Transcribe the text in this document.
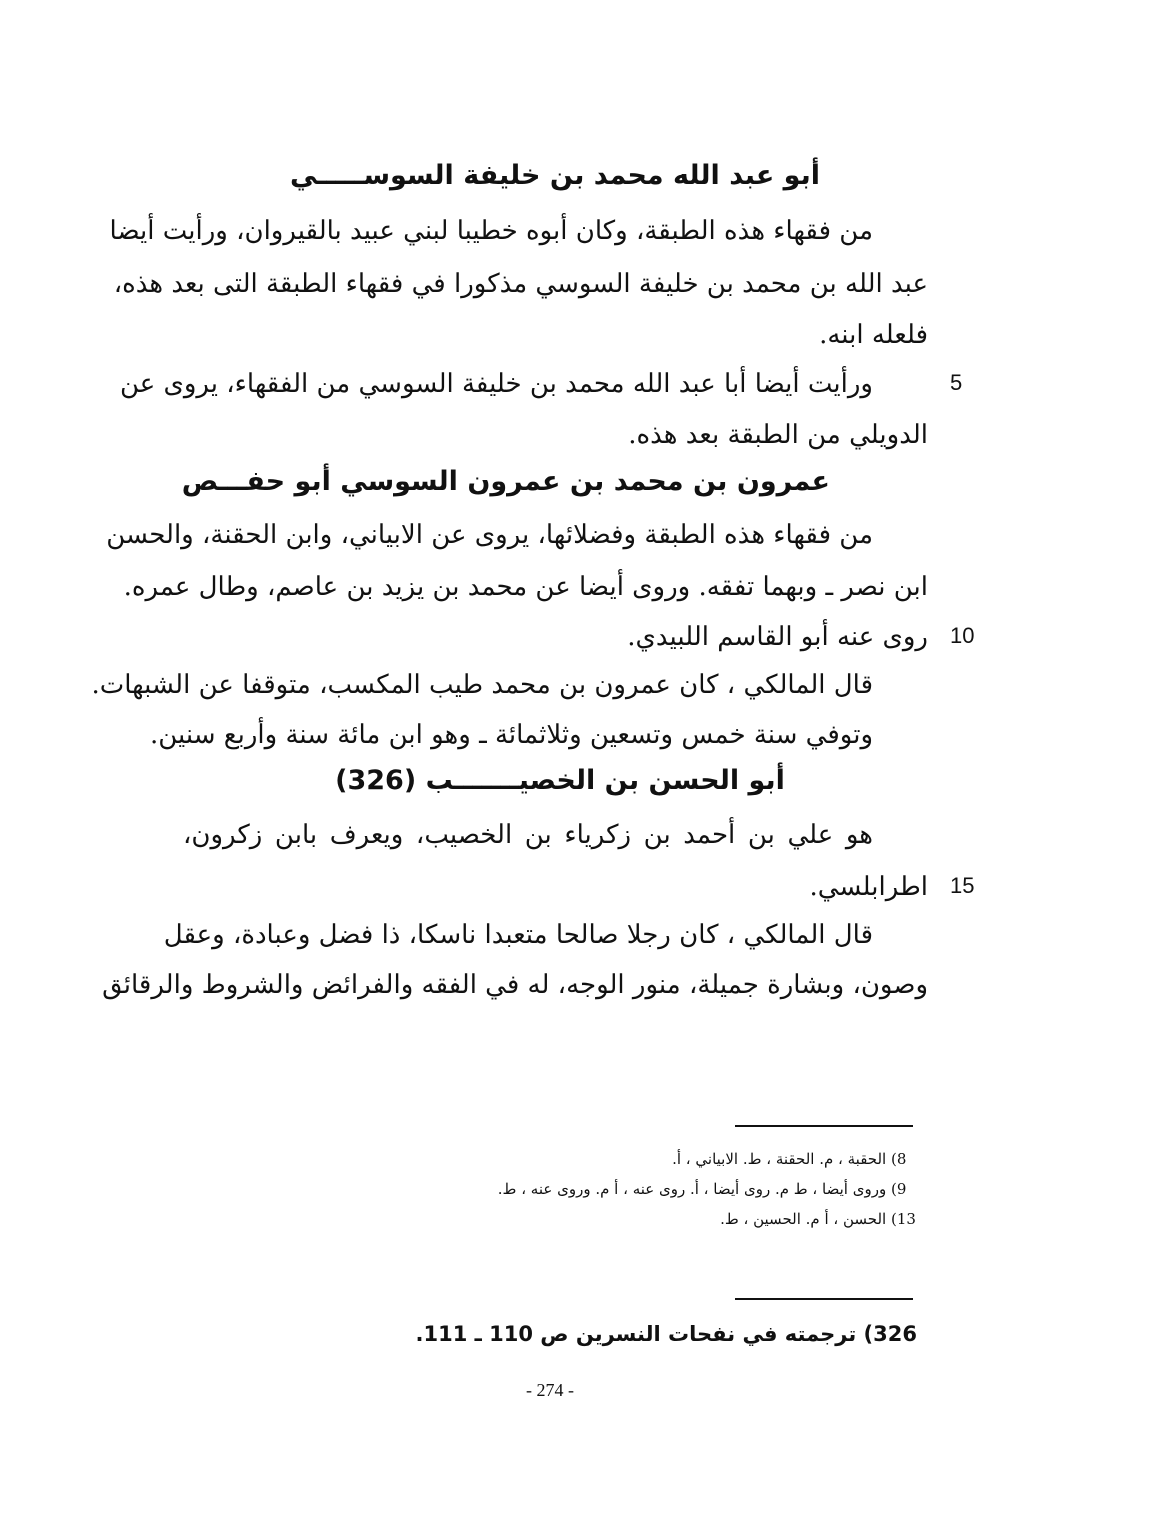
أبو عبد الله محمد بن خليفة السوســـــي
من فقهاء هذه الطبقة، وكان أبوه خطيبا لبني عبيد بالقيروان، ورأيت أيضا
عبد الله بن محمد بن خليفة السوسي مذكورا في فقهاء الطبقة التى بعد هذه،
فلعله ابنه.
ورأيت أيضا أبا عبد الله محمد بن خليفة السوسي من الفقهاء، يروى عن	5
الدويلي من الطبقة بعد هذه.
عمرون بن محمد بن عمرون السوسي أبو حفـــص
من فقهاء هذه الطبقة وفضلائها، يروى عن الابياني، وابن الحقنة، والحسن
ابن نصر ـ وبهما تفقه. وروى أيضا عن محمد بن يزيد بن عاصم، وطال عمره.
روى عنه أبو القاسم اللبيدي. 10
قال المالكي ، كان عمرون بن محمد طيب المكسب، متوقفا عن الشبهات.
وتوفي سنة خمس وتسعين وثلاثمائة ـ وهو ابن مائة سنة وأربع سنين.
أبو الحسن بن الخصيـــــــب (326)
هو علي بن أحمد بن زكرياء بن الخصيب، ويعرف بابن زكرون،
اطرابلسي. 15
قال المالكي ، كان رجلا صالحا متعبدا ناسكا، ذا فضل وعبادة، وعقل
وصون، وبشارة جميلة، منور الوجه، له في الفقه والفرائض والشروط والرقائق
8) الحقبة ، م. الحقنة ، ط. الابياني ، أ.
9) وروى أيضا ، ط م. روى أيضا ، أ. روى عنه ، أ م. وروى عنه ، ط.
13) الحسن ، أ م. الحسين ، ط.
326) ترجمته في نفحات النسرين ص 110 ـ 111.
- 274 -
